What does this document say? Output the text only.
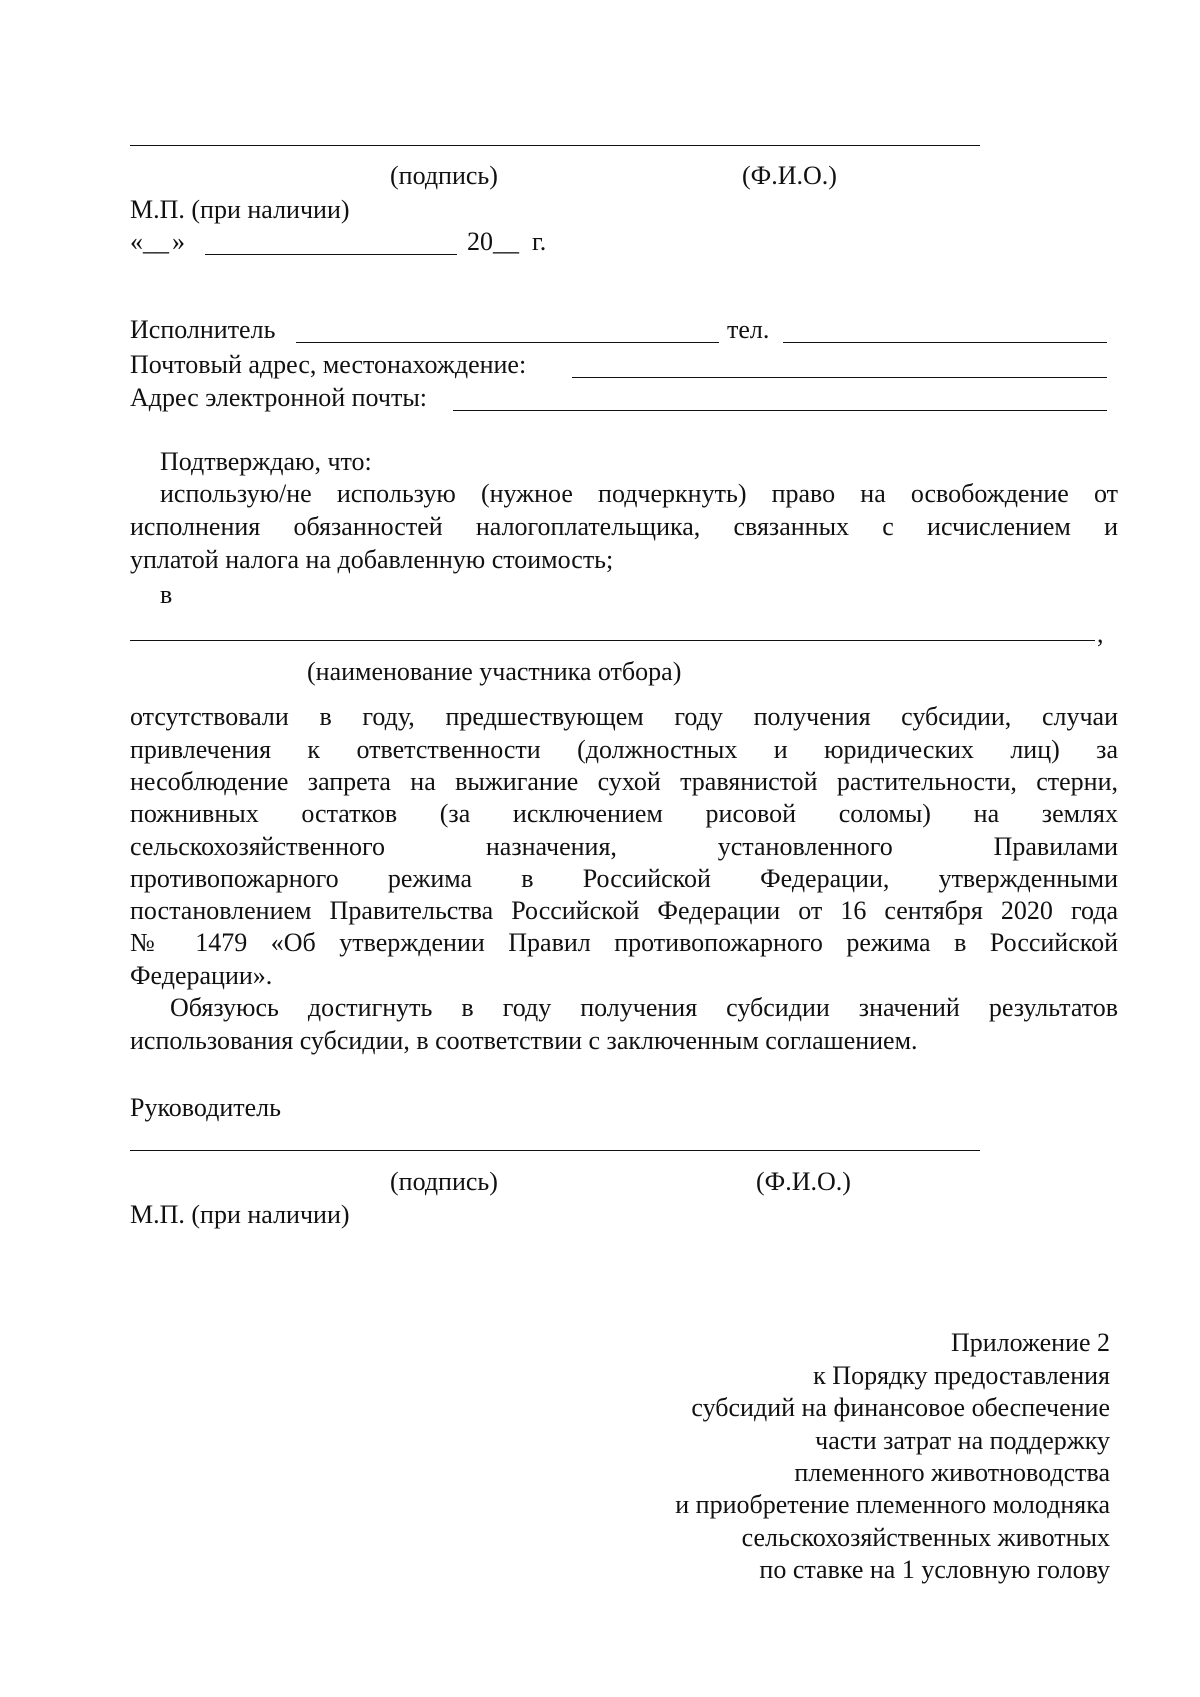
(подпись)	(Ф.И.О.)
М.П. (при наличии)
« __ »	20 __ г.
Исполнитель	тел.
Почтовый адрес, местонахождение:
Адрес электронной почты:
Подтверждаю, что:
использую/не использую (нужное подчеркнуть) право на освобождение от
исполнения обязанностей налогоплательщика, связанных с исчислением и
уплатой налога на добавленную стоимость;
в
,
(наименование участника отбора)
отсутствовали в году, предшествующем году получения субсидии, случаи
привлечения к ответственности (должностных и юридических лиц) за
несоблюдение запрета на выжигание сухой травянистой растительности, стерни,
пожнивных остатков (за исключением рисовой соломы) на землях
сельскохозяйственного назначения, установленного Правилами
противопожарного режима в Российской Федерации, утвержденными
постановлением Правительства Российской Федерации от 16 сентября 2020 года
№ 1479 «Об утверждении Правил противопожарного режима в Российской
Федерации».
Обязуюсь достигнуть в году получения субсидии значений результатов
использования субсидии, в соответствии с заключенным соглашением.
Руководитель
(подпись)	(Ф.И.О.)
М.П. (при наличии)
Приложение 2
к Порядку предоставления
субсидий на финансовое обеспечение
части затрат на поддержку
племенного животноводства
и приобретение племенного молодняка
сельскохозяйственных животных
по ставке на 1 условную голову
